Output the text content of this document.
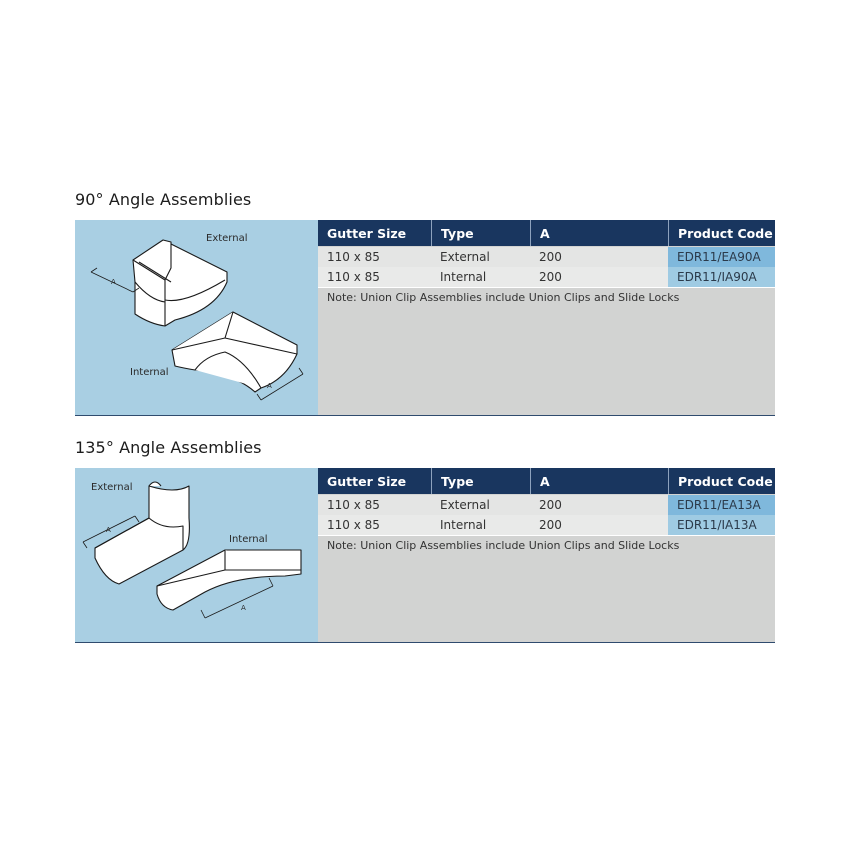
90° Angle Assemblies
External
Internal
A
A
Gutter Size	Type	A	Product Code
110 x 85	External	200	EDR11/EA90A
110 x 85	Internal	200	EDR11/IA90A
Note: Union Clip Assemblies include Union Clips and Slide Locks
135° Angle Assemblies
External
Internal
A
A
Gutter Size	Type	A	Product Code
110 x 85	External	200	EDR11/EA13A
110 x 85	Internal	200	EDR11/IA13A
Note: Union Clip Assemblies include Union Clips and Slide Locks
